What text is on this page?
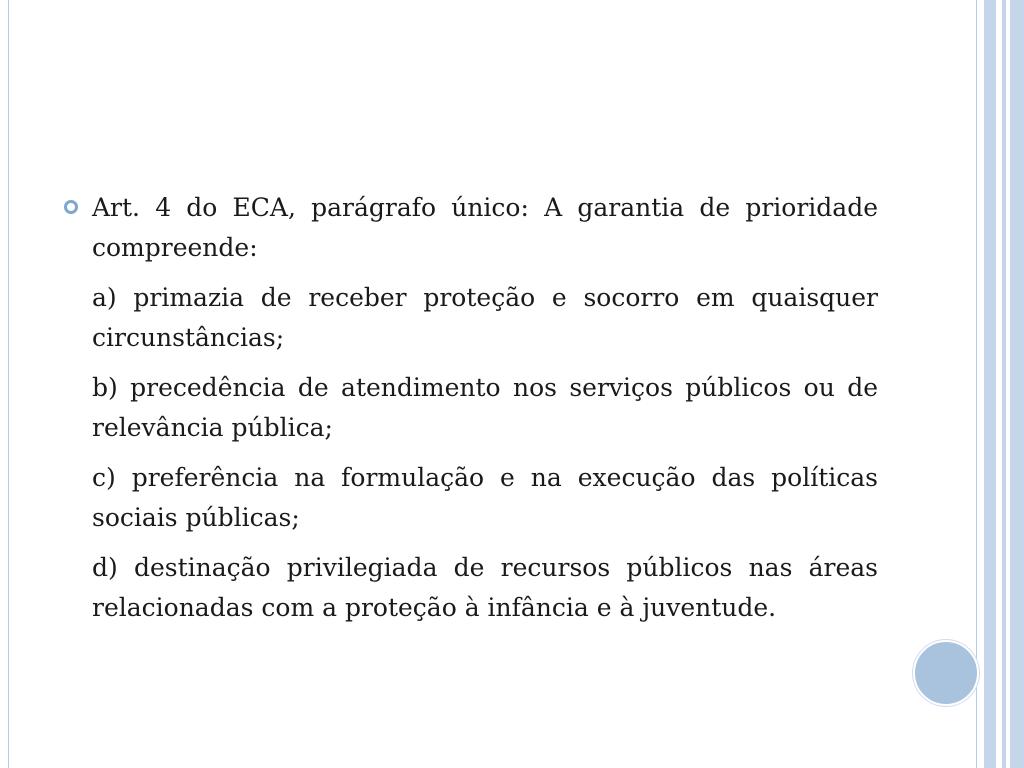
Art. 4 do ECA, parágrafo único: A garantia de prioridade compreende:

a) primazia de receber proteção e socorro em quaisquer circunstâncias;

b) precedência de atendimento nos serviços públicos ou de relevância pública;

c) preferência na formulação e na execução das políticas sociais públicas;

d) destinação privilegiada de recursos públicos nas áreas relacionadas com a proteção à infância e à juventude.
